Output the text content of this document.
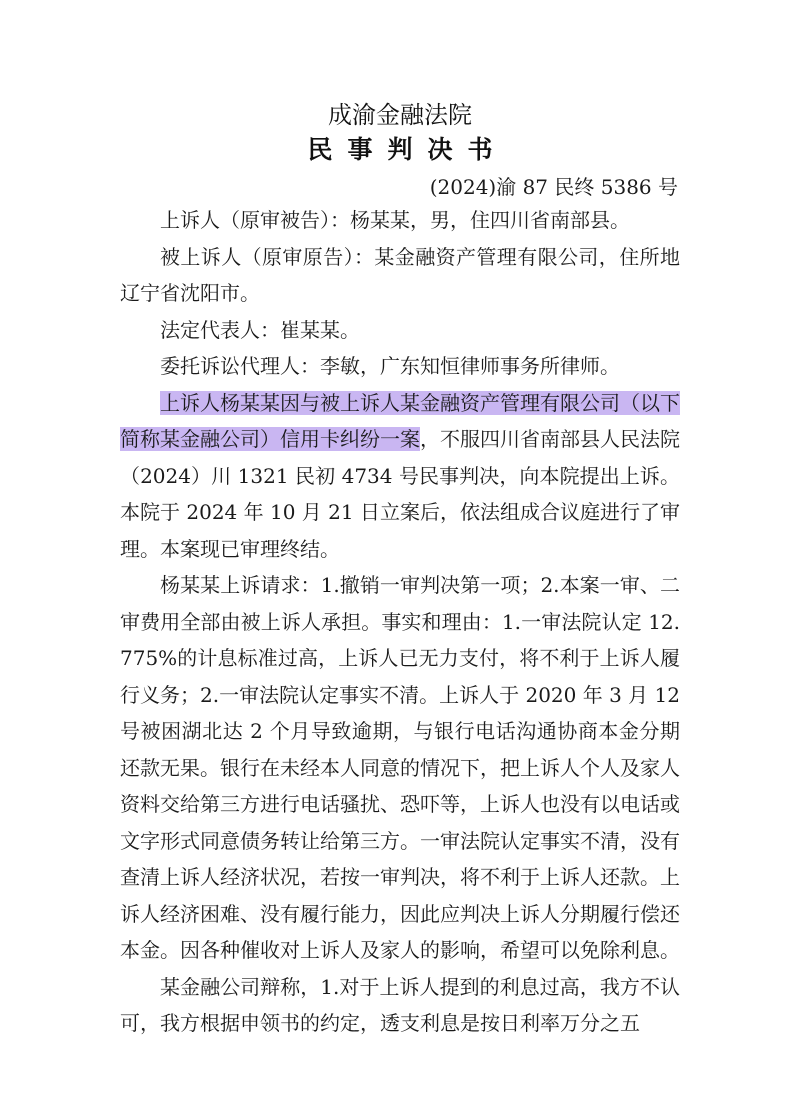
成渝金融法院
民事判决书
(2024)渝 87 民终 5386 号

上诉人（原审被告）：杨某某，男，住四川省南部县。

被上诉人（原审原告）：某金融资产管理有限公司，住所地辽宁省沈阳市。

法定代表人：崔某某。

委托诉讼代理人：李敏，广东知恒律师事务所律师。

上诉人杨某某因与被上诉人某金融资产管理有限公司（以下简称某金融公司）信用卡纠纷一案，不服四川省南部县人民法院（2024）川 1321 民初 4734 号民事判决，向本院提出上诉。本院于 2024 年 10 月 21 日立案后，依法组成合议庭进行了审理。本案现已审理终结。

杨某某上诉请求：1.撤销一审判决第一项；2.本案一审、二审费用全部由被上诉人承担。事实和理由：1.一审法院认定 12.775%的计息标准过高，上诉人已无力支付，将不利于上诉人履行义务；2.一审法院认定事实不清。上诉人于 2020 年 3 月 12 号被困湖北达 2 个月导致逾期，与银行电话沟通协商本金分期还款无果。银行在未经本人同意的情况下，把上诉人个人及家人资料交给第三方进行电话骚扰、恐吓等，上诉人也没有以电话或文字形式同意债务转让给第三方。一审法院认定事实不清，没有查清上诉人经济状况，若按一审判决，将不利于上诉人还款。上诉人经济困难、没有履行能力，因此应判决上诉人分期履行偿还本金。因各种催收对上诉人及家人的影响，希望可以免除利息。

某金融公司辩称，1.对于上诉人提到的利息过高，我方不认可，我方根据申领书的约定，透支利息是按日利率万分之五
